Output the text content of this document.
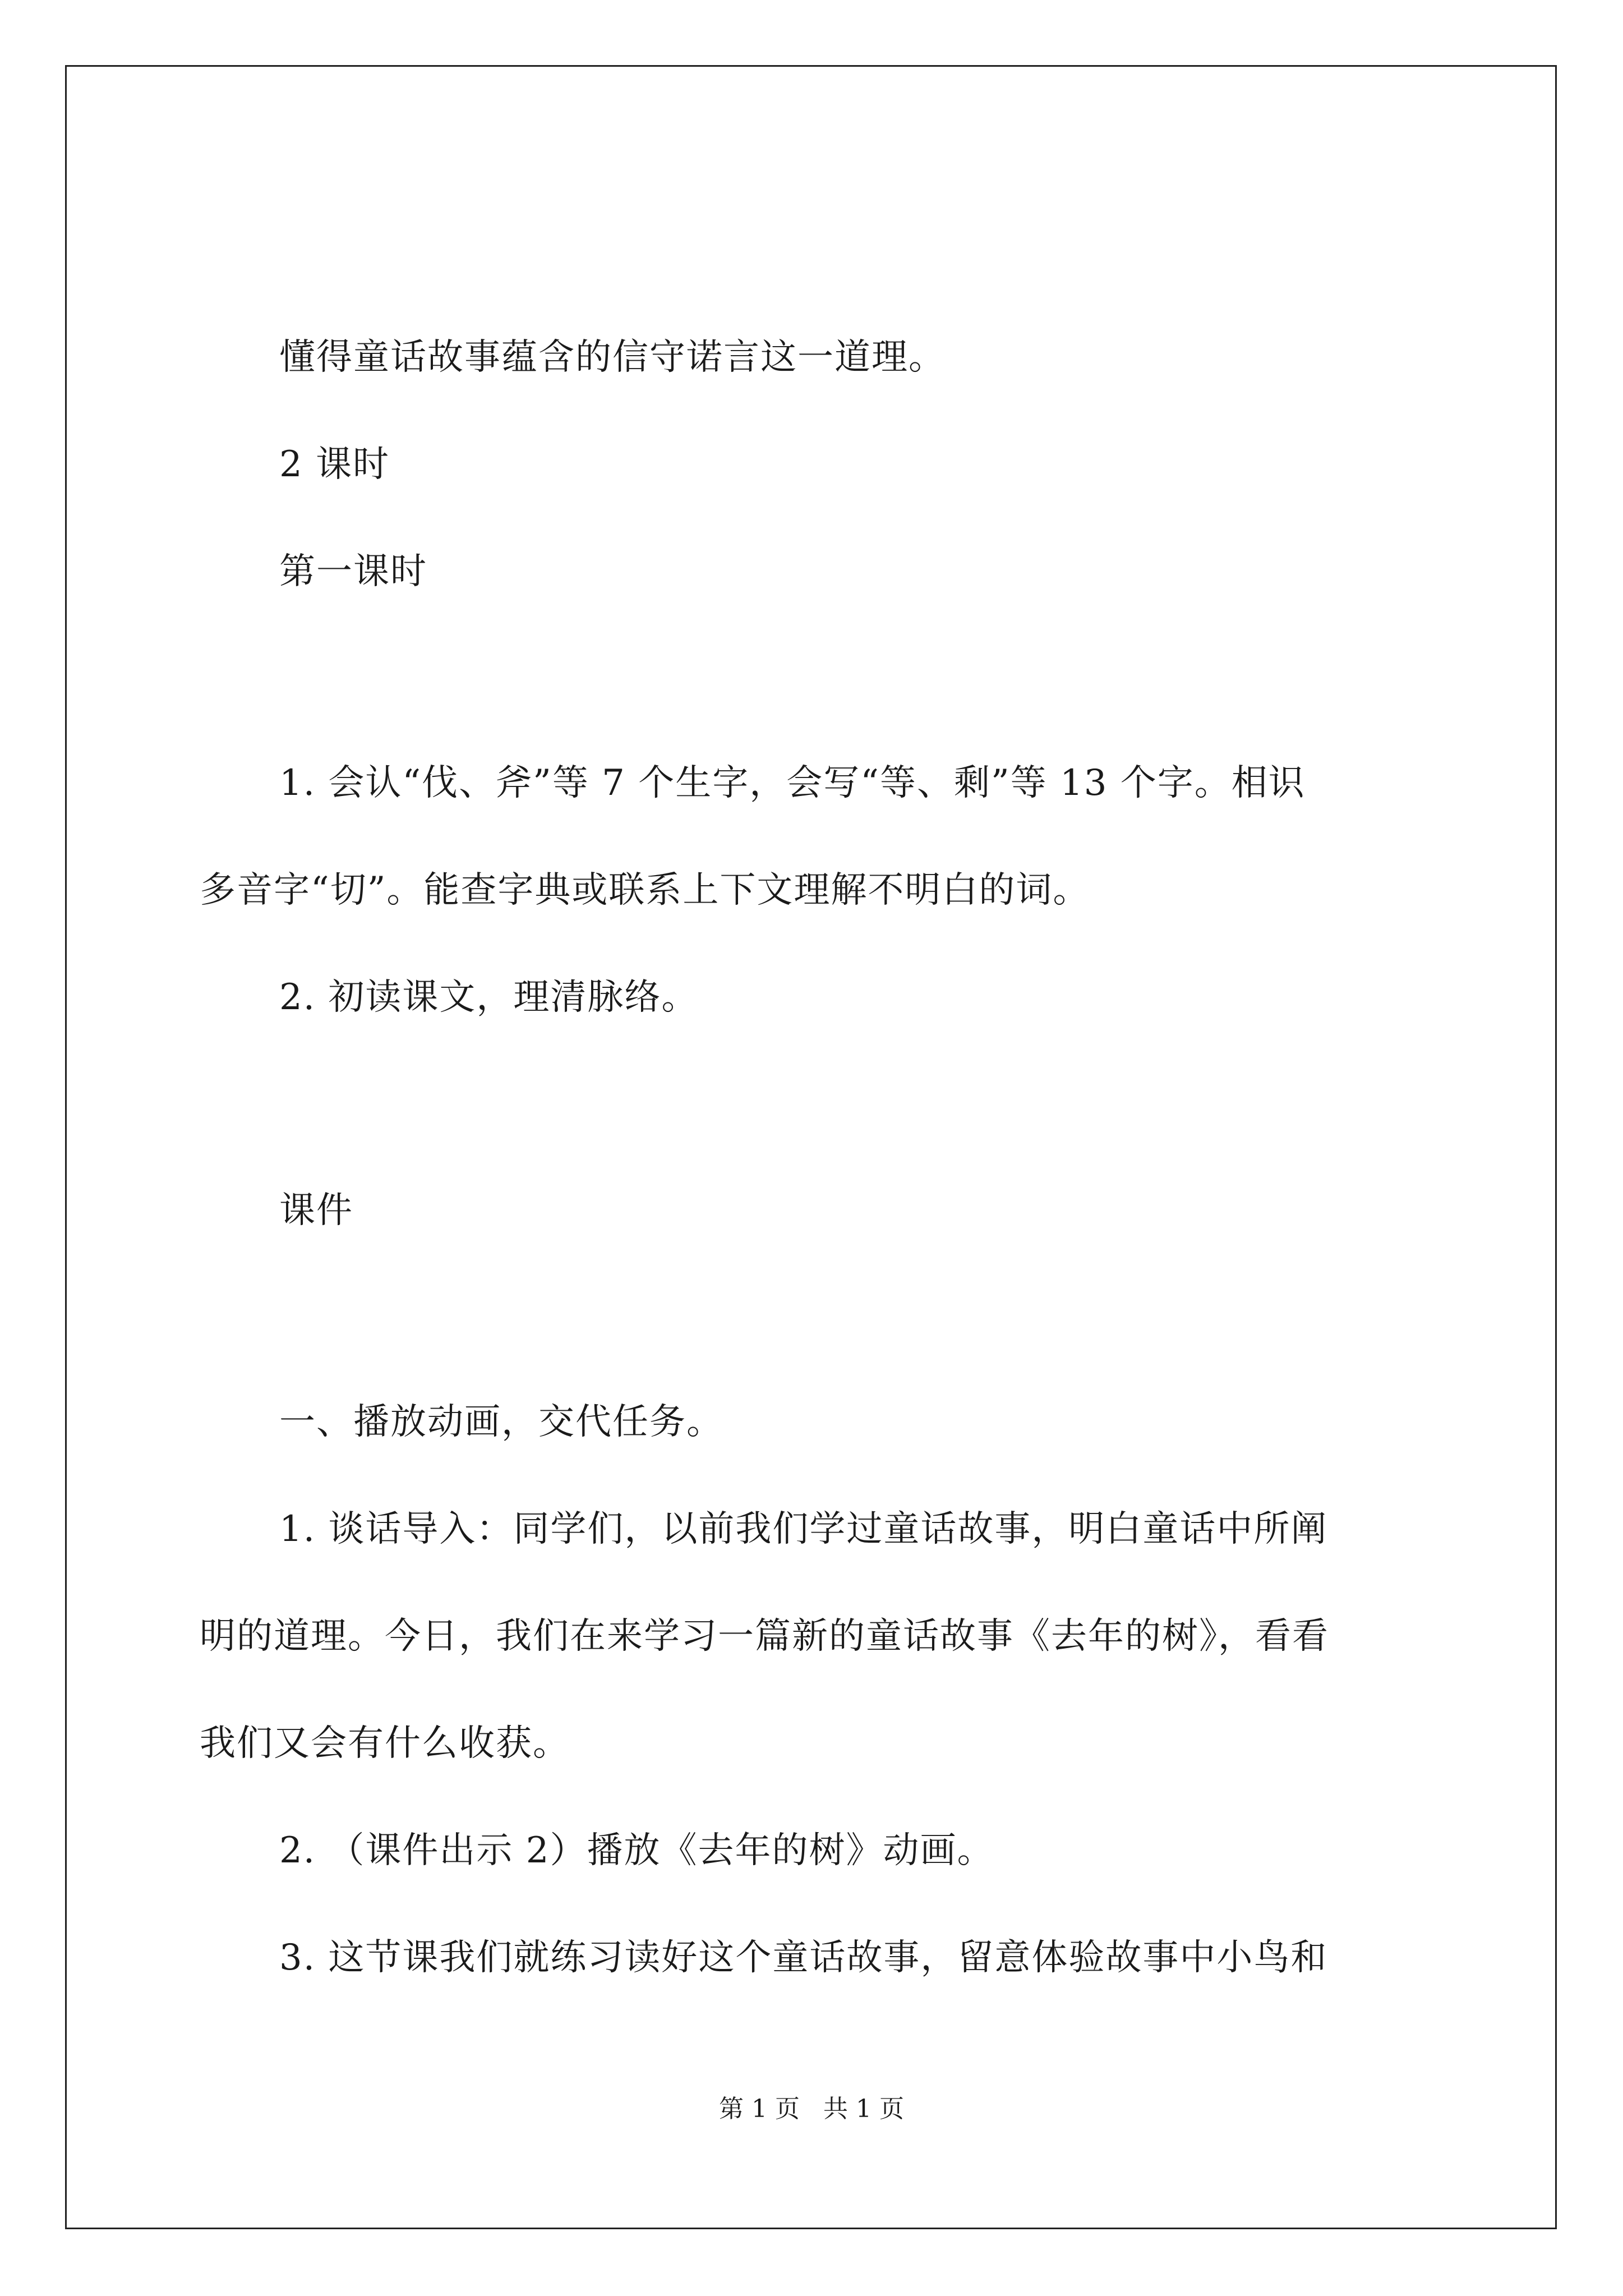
懂得童话故事蕴含的信守诺言这一道理。
2 课时
第一课时
1. 会认“伐、斧”等 7 个生字，会写“等、剩”等 13 个字。相识
多音字“切”。能查字典或联系上下文理解不明白的词。
2. 初读课文，理清脉络。
课件
一、播放动画，交代任务。
1. 谈话导入：同学们，以前我们学过童话故事，明白童话中所阐
明的道理。今日，我们在来学习一篇新的童话故事《去年的树》，看看
我们又会有什么收获。
2. （课件出示 2）播放《去年的树》动画。
3. 这节课我们就练习读好这个童话故事，留意体验故事中小鸟和
第 1 页   共 1 页
